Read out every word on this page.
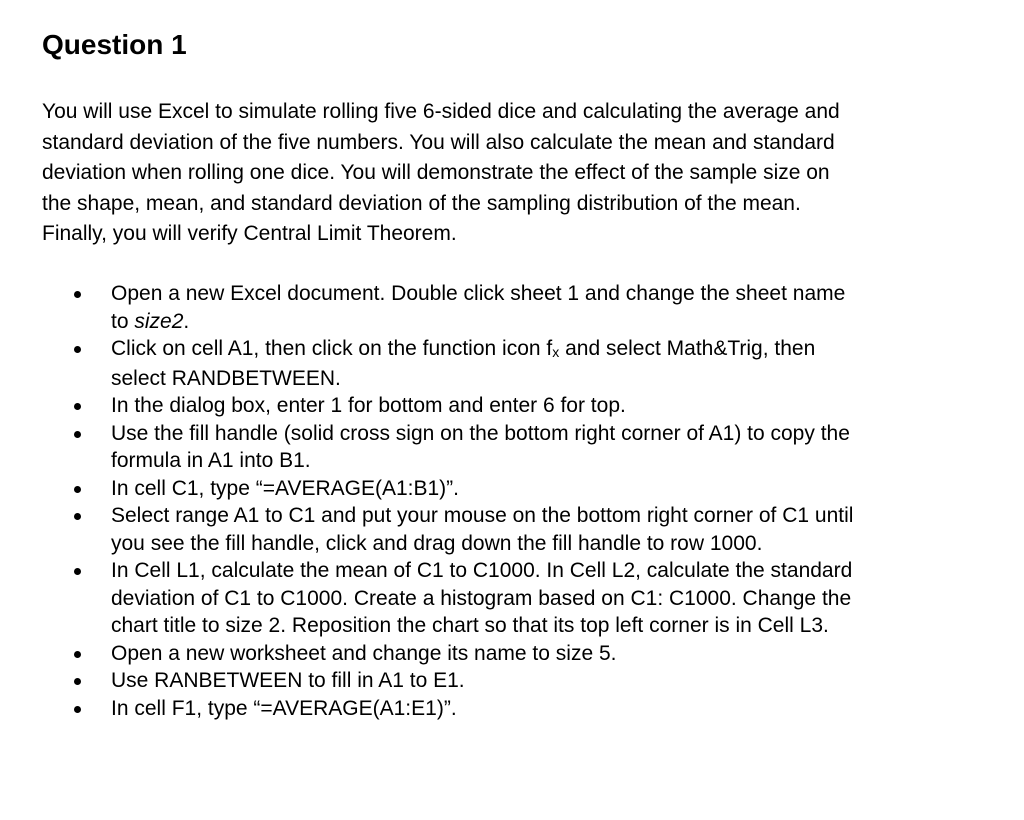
Question 1

You will use Excel to simulate rolling five 6-sided dice and calculating the average and
standard deviation of the five numbers. You will also calculate the mean and standard
deviation when rolling one dice. You will demonstrate the effect of the sample size on
the shape, mean, and standard deviation of the sampling distribution of the mean.
Finally, you will verify Central Limit Theorem.

Open a new Excel document. Double click sheet 1 and change the sheet name
to size2.
Click on cell A1, then click on the function icon $f_x$ and select Math&Trig, then
select RANDBETWEEN.
In the dialog box, enter 1 for bottom and enter 6 for top.
Use the fill handle (solid cross sign on the bottom right corner of A1) to copy the
formula in A1 into B1.
In cell C1, type “=AVERAGE(A1:B1)”.
Select range A1 to C1 and put your mouse on the bottom right corner of C1 until
you see the fill handle, click and drag down the fill handle to row 1000.
In Cell L1, calculate the mean of C1 to C1000. In Cell L2, calculate the standard
deviation of C1 to C1000. Create a histogram based on C1: C1000. Change the
chart title to size 2. Reposition the chart so that its top left corner is in Cell L3.
Open a new worksheet and change its name to size 5.
Use RANBETWEEN to fill in A1 to E1.
In cell F1, type “=AVERAGE(A1:E1)”.
